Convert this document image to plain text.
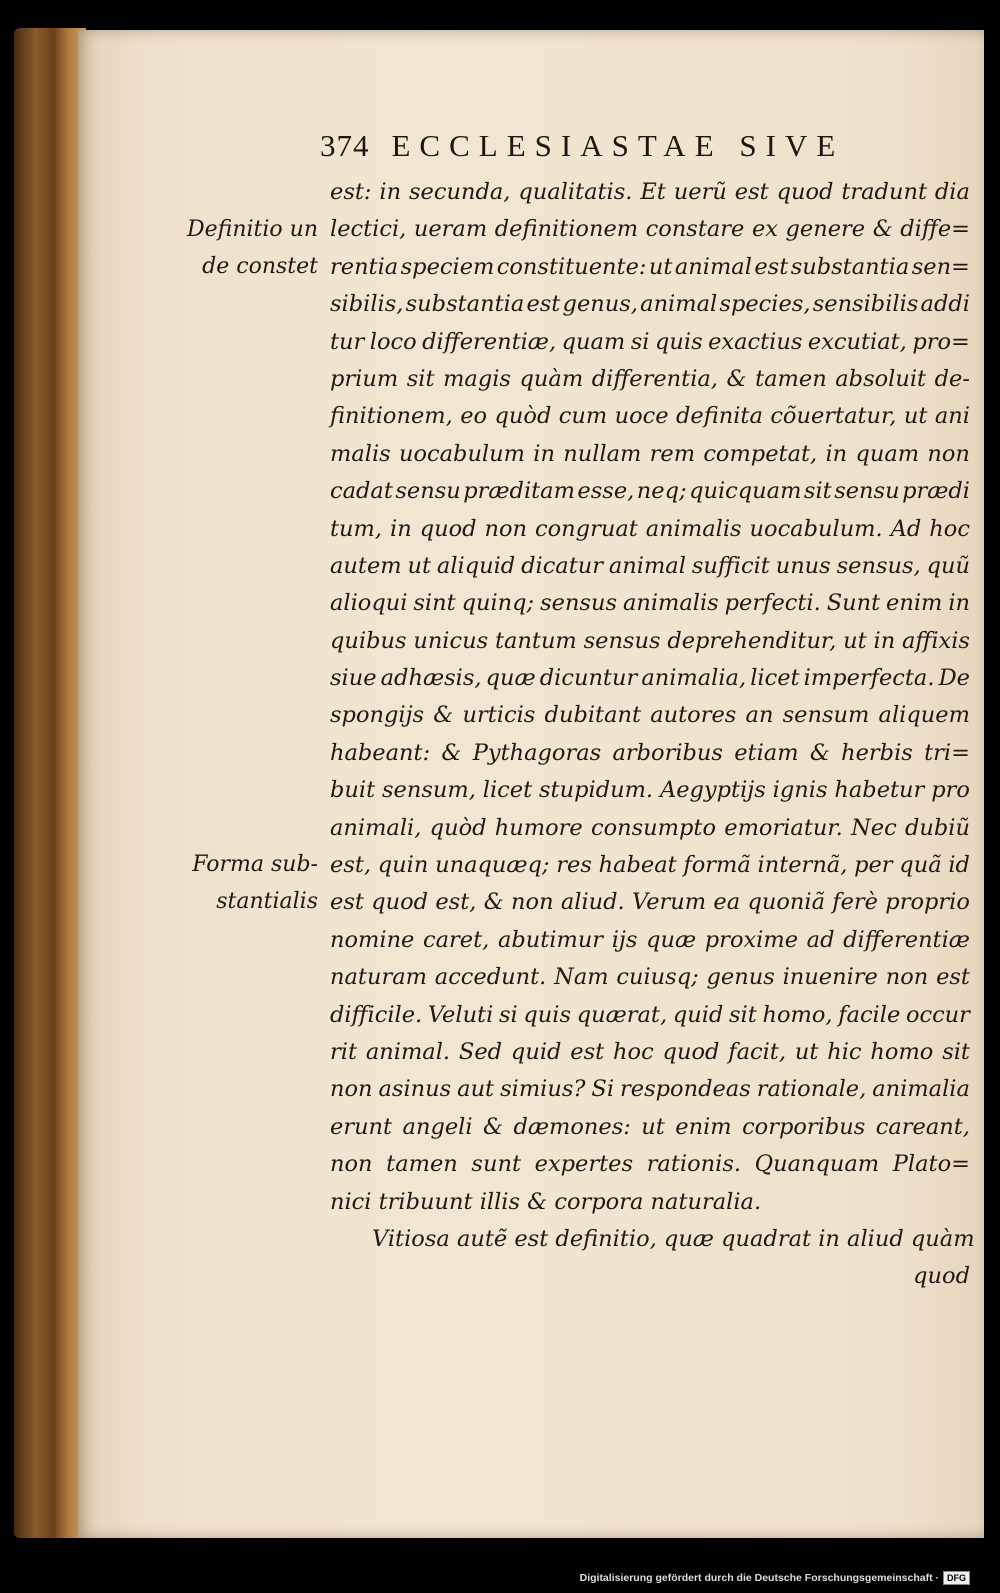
374 ECCLESIASTAE SIVE
Definitio un
de constet
Forma sub-
stantialis
est: in secunda, qualitatis. Et uerũ est quod tradunt dia
lectici, ueram definitionem constare ex genere & diffe=
rentia speciem constituente: ut animal est substantia sen=
sibilis, substantia est genus, animal species, sensibilis addi
tur loco differentiæ, quam si quis exactius excutiat, pro=
prium sit magis quàm differentia, & tamen absoluit de-
finitionem, eo quòd cum uoce definita cõuertatur, ut ani
malis uocabulum in nullam rem competat, in quam non
cadat sensu præditam esse, neq; quicquam sit sensu prædi
tum, in quod non congruat animalis uocabulum. Ad hoc
autem ut aliquid dicatur animal sufficit unus sensus, quũ
alioqui sint quinq; sensus animalis perfecti. Sunt enim in
quibus unicus tantum sensus deprehenditur, ut in affixis
siue adhæsis, quæ dicuntur animalia, licet imperfecta. De
spongijs & urticis dubitant autores an sensum aliquem
habeant: & Pythagoras arboribus etiam & herbis tri=
buit sensum, licet stupidum. Aegyptijs ignis habetur pro
animali, quòd humore consumpto emoriatur. Nec dubiũ
est, quin unaquæq; res habeat formã internã, per quã id
est quod est, & non aliud. Verum ea quoniã ferè proprio
nomine caret, abutimur ijs quæ proxime ad differentiæ
naturam accedunt. Nam cuiusq; genus inuenire non est
difficile. Veluti si quis quærat, quid sit homo, facile occur
rit animal. Sed quid est hoc quod facit, ut hic homo sit
non asinus aut simius? Si respondeas rationale, animalia
erunt angeli & dæmones: ut enim corporibus careant,
non tamen sunt expertes rationis. Quanquam Plato=
nici tribuunt illis & corpora naturalia.
Vitiosa autẽ est definitio, quæ quadrat in aliud quàm
quod
Digitalisierung gefördert durch die Deutsche Forschungsgemeinschaft · DFG
